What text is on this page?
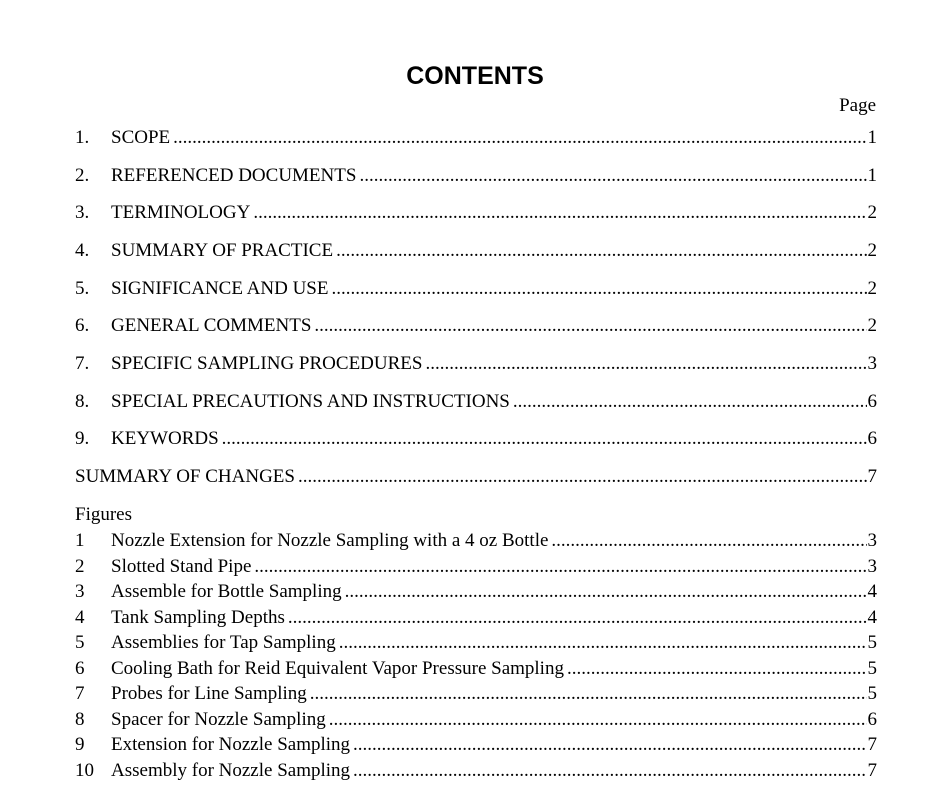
CONTENTS
Page
1.	SCOPE .....	1
2.	REFERENCED DOCUMENTS .....	1
3.	TERMINOLOGY .....	2
4.	SUMMARY OF PRACTICE .....	2
5.	SIGNIFICANCE AND USE .....	2
6.	GENERAL COMMENTS .....	2
7.	SPECIFIC SAMPLING PROCEDURES .....	3
8.	SPECIAL PRECAUTIONS AND INSTRUCTIONS .....	6
9.	KEYWORDS .....	6
SUMMARY OF CHANGES .....	7
Figures
1	Nozzle Extension for Nozzle Sampling with a 4 oz Bottle .....	3
2	Slotted Stand Pipe .....	3
3	Assemble for Bottle Sampling .....	4
4	Tank Sampling Depths .....	4
5	Assemblies for Tap Sampling .....	5
6	Cooling Bath for Reid Equivalent Vapor Pressure Sampling .....	5
7	Probes for Line Sampling .....	5
8	Spacer for Nozzle Sampling .....	6
9	Extension for Nozzle Sampling .....	7
10 Assembly for Nozzle Sampling .....	7
